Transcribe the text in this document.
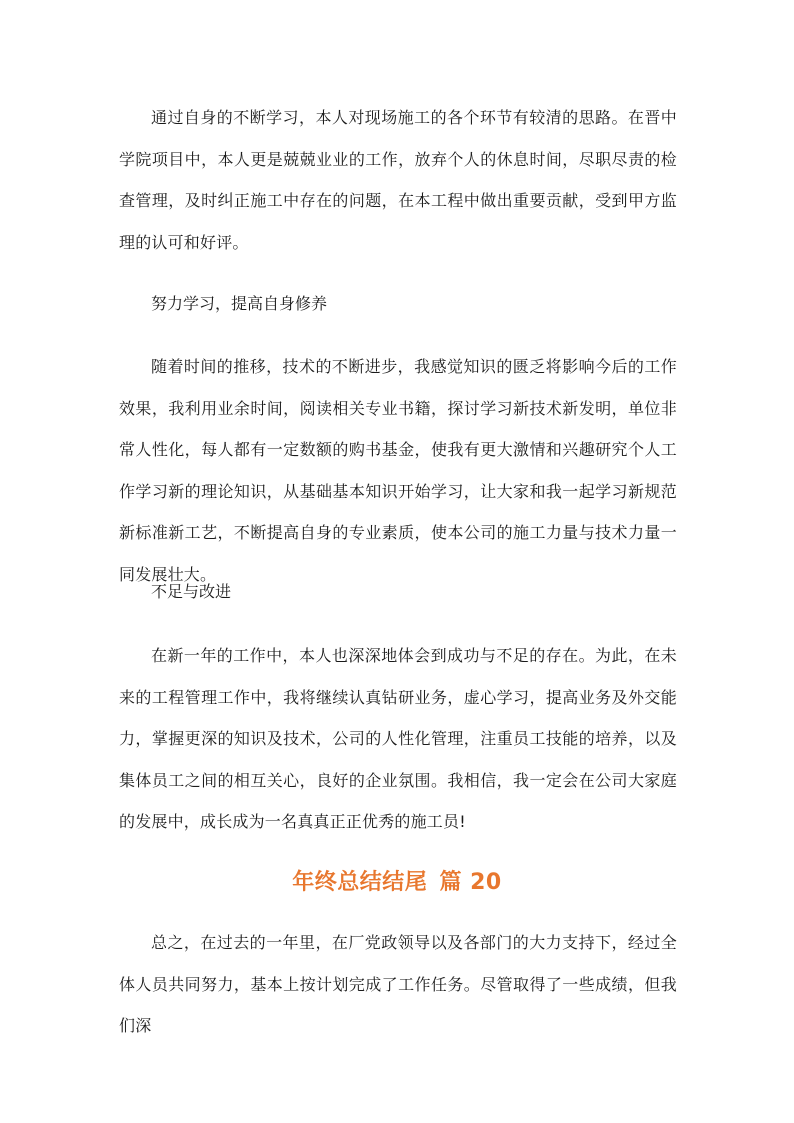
通过自身的不断学习，本人对现场施工的各个环节有较清的思路。在晋中学院项目中，本人更是兢兢业业的工作，放弃个人的休息时间，尽职尽责的检查管理，及时纠正施工中存在的问题，在本工程中做出重要贡献，受到甲方监理的认可和好评。

努力学习，提高自身修养

随着时间的推移，技术的不断进步，我感觉知识的匮乏将影响今后的工作效果，我利用业余时间，阅读相关专业书籍，探讨学习新技术新发明，单位非常人性化，每人都有一定数额的购书基金，使我有更大激情和兴趣研究个人工作学习新的理论知识，从基础基本知识开始学习，让大家和我一起学习新规范新标准新工艺，不断提高自身的专业素质，使本公司的施工力量与技术力量一同发展壮大。

不足与改进

在新一年的工作中，本人也深深地体会到成功与不足的存在。为此，在未来的工程管理工作中，我将继续认真钻研业务，虚心学习，提高业务及外交能力，掌握更深的知识及技术，公司的人性化管理，注重员工技能的培养，以及集体员工之间的相互关心，良好的企业氛围。我相信，我一定会在公司大家庭的发展中，成长成为一名真真正正优秀的施工员!

年终总结结尾 篇 20

总之，在过去的一年里，在厂党政领导以及各部门的大力支持下，经过全体人员共同努力，基本上按计划完成了工作任务。尽管取得了一些成绩，但我们深
